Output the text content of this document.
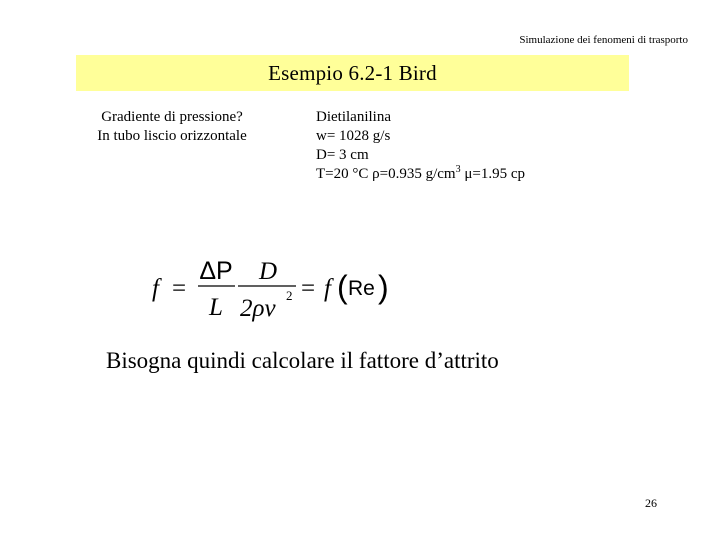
Simulazione dei fenomeni di trasporto
Esempio 6.2-1 Bird
Gradiente di pressione?
In tubo liscio orizzontale
Dietilanilina
w= 1028 g/s
D= 3 cm
T=20 °C ρ=0.935 $g/cm^3$ μ=1.95 cp
f =
ΔP
L
D
2ρv 2 = f ( Re )
Bisogna quindi calcolare il fattore d’attrito
26
